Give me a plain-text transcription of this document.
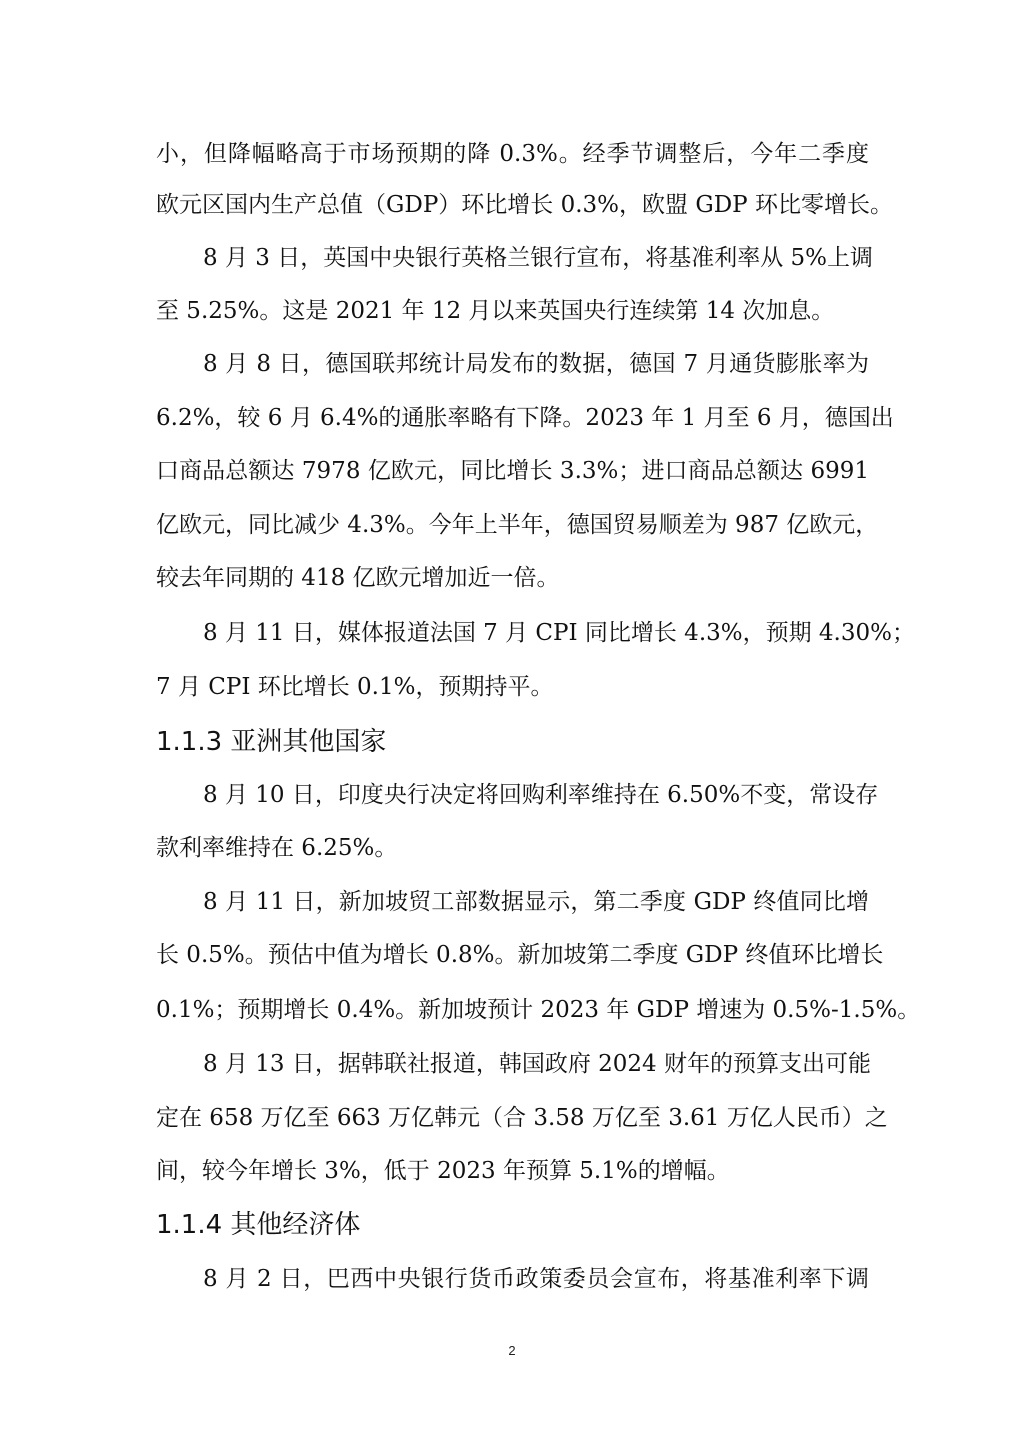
小，但降幅略高于市场预期的降 0.3%。经季节调整后，今年二季度
欧元区国内生产总值（GDP）环比增长 0.3%，欧盟 GDP 环比零增长。
8 月 3 日，英国中央银行英格兰银行宣布，将基准利率从 5%上调
至 5.25%。这是 2021 年 12 月以来英国央行连续第 14 次加息。
8 月 8 日，德国联邦统计局发布的数据，德国 7 月通货膨胀率为
6.2%，较 6 月 6.4%的通胀率略有下降。2023 年 1 月至 6 月，德国出
口商品总额达 7978 亿欧元，同比增长 3.3%；进口商品总额达 6991
亿欧元，同比减少 4.3%。今年上半年，德国贸易顺差为 987 亿欧元，
较去年同期的 418 亿欧元增加近一倍。
8 月 11 日，媒体报道法国 7 月 CPI 同比增长 4.3%，预期 4.30%；
7 月 CPI 环比增长 0.1%，预期持平。
1.1.3 亚洲其他国家
8 月 10 日，印度央行决定将回购利率维持在 6.50%不变，常设存
款利率维持在 6.25%。
8 月 11 日，新加坡贸工部数据显示，第二季度 GDP 终值同比增
长 0.5%。预估中值为增长 0.8%。新加坡第二季度 GDP 终值环比增长
0.1%；预期增长 0.4%。新加坡预计 2023 年 GDP 增速为 0.5%-1.5%。
8 月 13 日，据韩联社报道，韩国政府 2024 财年的预算支出可能
定在 658 万亿至 663 万亿韩元（合 3.58 万亿至 3.61 万亿人民币）之
间，较今年增长 3%，低于 2023 年预算 5.1%的增幅。
1.1.4 其他经济体
8 月 2 日，巴西中央银行货币政策委员会宣布，将基准利率下调
2
